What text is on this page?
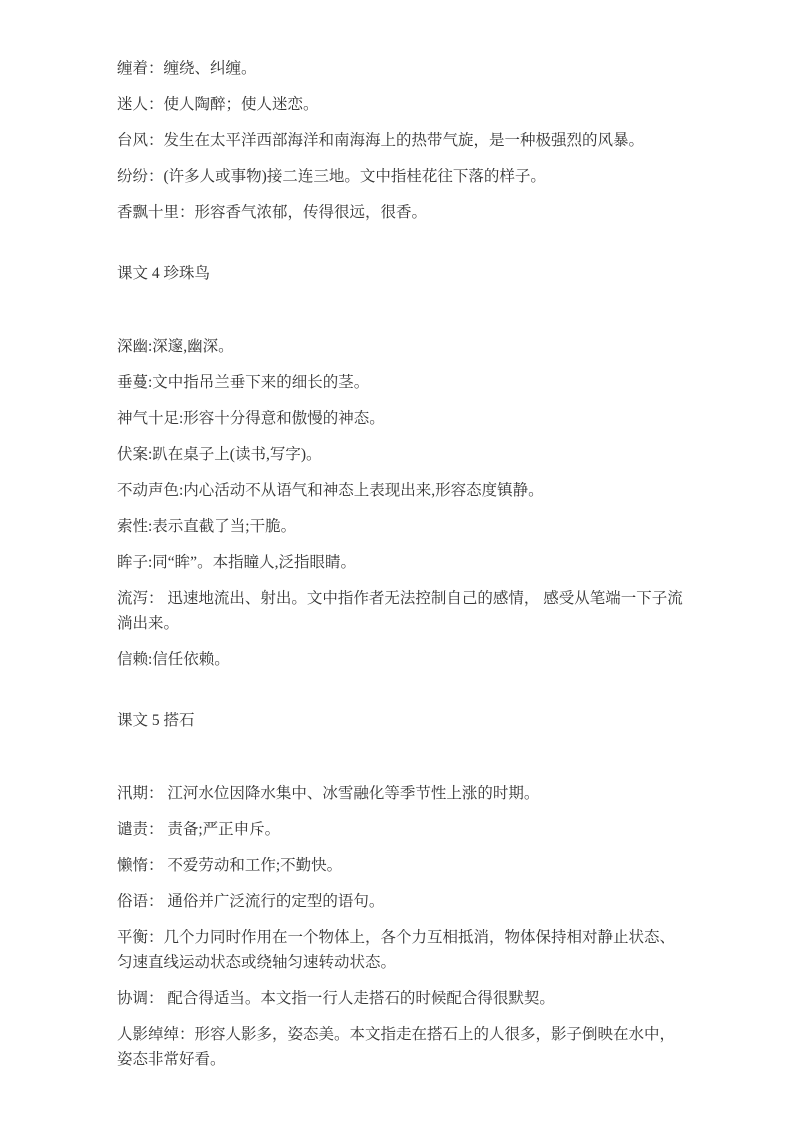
缠着：缠绕、纠缠。

迷人：使人陶醉；使人迷恋。

台风：发生在太平洋西部海洋和南海海上的热带气旋，是一种极强烈的风暴。

纷纷：(许多人或事物)接二连三地。文中指桂花往下落的样子。

香飘十里：形容香气浓郁，传得很远，很香。

课文 4 珍珠鸟

深幽:深邃,幽深。

垂蔓:文中指吊兰垂下来的细长的茎。

神气十足:形容十分得意和傲慢的神态。

伏案:趴在桌子上(读书,写字)。

不动声色:内心活动不从语气和神态上表现出来,形容态度镇静。

索性:表示直截了当;干脆。

眸子:同“眸”。本指瞳人,泛指眼睛。

流泻： 迅速地流出、射出。文中指作者无法控制自己的感情， 感受从笔端一下子流淌出来。

信赖:信任依赖。

课文 5 搭石

汛期： 江河水位因降水集中、冰雪融化等季节性上涨的时期。

谴责： 责备;严正申斥。

懒惰： 不爱劳动和工作;不勤快。

俗语： 通俗并广泛流行的定型的语句。

平衡：几个力同时作用在一个物体上，各个力互相抵消，物体保持相对静止状态、匀速直线运动状态或绕轴匀速转动状态。

协调： 配合得适当。本文指一行人走搭石的时候配合得很默契。

人影绰绰：形容人影多，姿态美。本文指走在搭石上的人很多，影子倒映在水中，姿态非常好看。
